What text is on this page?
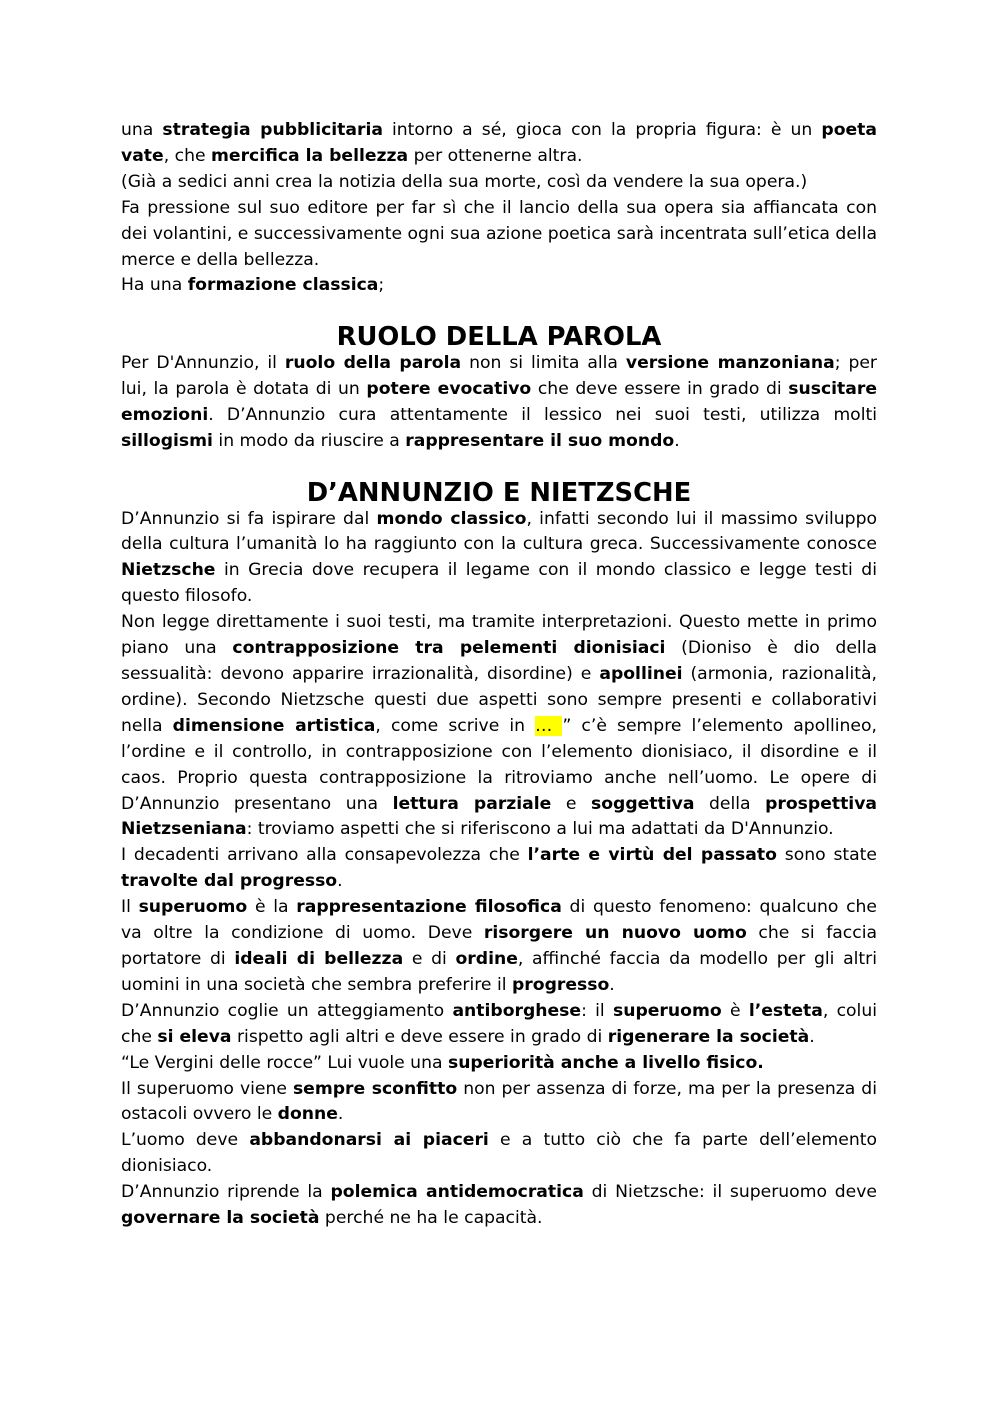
una strategia pubblicitaria intorno a sé, gioca con la propria figura: è un poeta vate, che mercifica la bellezza per ottenerne altra.

(Già a sedici anni crea la notizia della sua morte, così da vendere la sua opera.)

Fa pressione sul suo editore per far sì che il lancio della sua opera sia affiancata con dei volantini, e successivamente ogni sua azione poetica sarà incentrata sull’etica della merce e della bellezza.

Ha una formazione classica;

RUOLO DELLA PAROLA

Per D'Annunzio, il ruolo della parola non si limita alla versione manzoniana; per lui, la parola è dotata di un potere evocativo che deve essere in grado di suscitare emozioni. D’Annunzio cura attentamente il lessico nei suoi testi, utilizza molti sillogismi in modo da riuscire a rappresentare il suo mondo.

D’ANNUNZIO E NIETZSCHE

D’Annunzio si fa ispirare dal mondo classico, infatti secondo lui il massimo sviluppo della cultura l’umanità lo ha raggiunto con la cultura greca. Successivamente conosce Nietzsche in Grecia dove recupera il legame con il mondo classico e legge testi di questo filosofo.

Non legge direttamente i suoi testi, ma tramite interpretazioni. Questo mette in primo piano una contrapposizione tra pelementi dionisiaci (Dioniso è dio della sessualità: devono apparire irrazionalità, disordine) e apollinei (armonia, razionalità, ordine). Secondo Nietzsche questi due aspetti sono sempre presenti e collaborativi nella dimensione artistica, come scrive in … ” c’è sempre l’elemento apollineo, l’ordine e il controllo, in contrapposizione con l’elemento dionisiaco, il disordine e il caos. Proprio questa contrapposizione la ritroviamo anche nell’uomo. Le opere di D’Annunzio presentano una lettura parziale e soggettiva della prospettiva Nietzseniana: troviamo aspetti che si riferiscono a lui ma adattati da D'Annunzio.

I decadenti arrivano alla consapevolezza che l’arte e virtù del passato sono state travolte dal progresso.

Il superuomo è la rappresentazione filosofica di questo fenomeno: qualcuno che va oltre la condizione di uomo. Deve risorgere un nuovo uomo che si faccia portatore di ideali di bellezza e di ordine, affinché faccia da modello per gli altri uomini in una società che sembra preferire il progresso.

D’Annunzio coglie un atteggiamento antiborghese: il superuomo è l’esteta, colui che si eleva rispetto agli altri e deve essere in grado di rigenerare la società.

“Le Vergini delle rocce” Lui vuole una superiorità anche a livello fisico.

Il superuomo viene sempre sconfitto non per assenza di forze, ma per la presenza di ostacoli ovvero le donne.

L’uomo deve abbandonarsi ai piaceri e a tutto ciò che fa parte dell’elemento dionisiaco.

D’Annunzio riprende la polemica antidemocratica di Nietzsche: il superuomo deve governare la società perché ne ha le capacità.
